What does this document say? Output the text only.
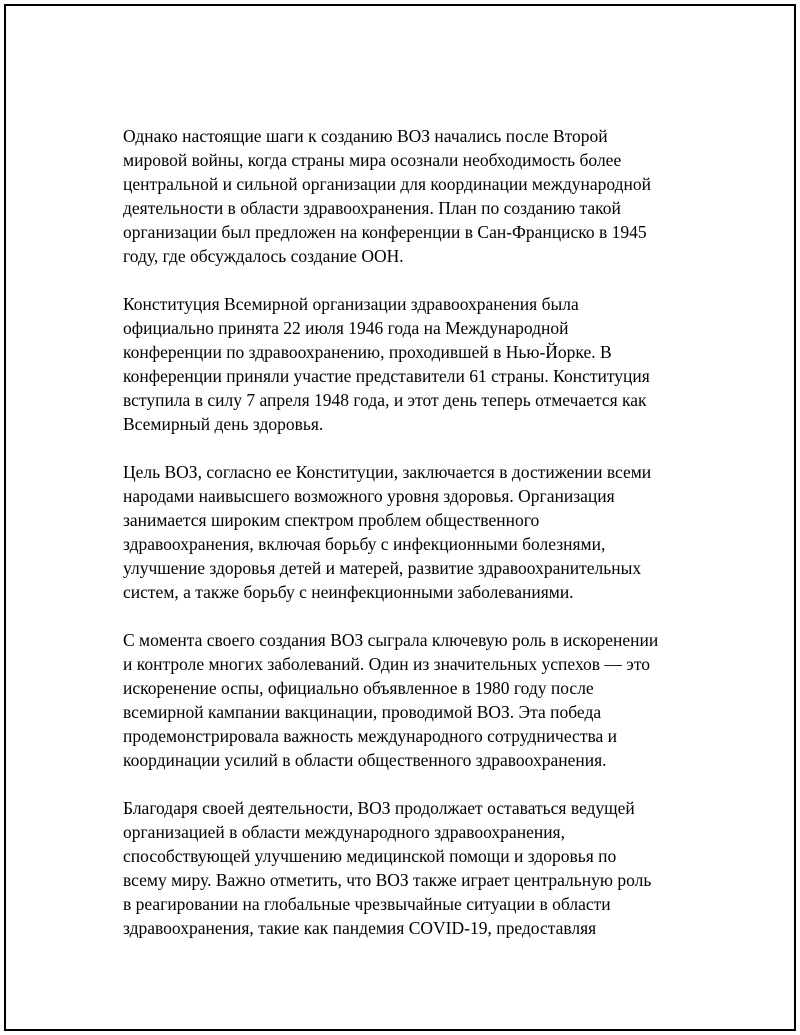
Однако настоящие шаги к созданию ВОЗ начались после Второй
мировой войны, когда страны мира осознали необходимость более
центральной и сильной организации для координации международной
деятельности в области здравоохранения. План по созданию такой
организации был предложен на конференции в Сан-Франциско в 1945
году, где обсуждалось создание ООН.

Конституция Всемирной организации здравоохранения была
официально принята 22 июля 1946 года на Международной
конференции по здравоохранению, проходившей в Нью-Йорке. В
конференции приняли участие представители 61 страны. Конституция
вступила в силу 7 апреля 1948 года, и этот день теперь отмечается как
Всемирный день здоровья.

Цель ВОЗ, согласно ее Конституции, заключается в достижении всеми
народами наивысшего возможного уровня здоровья. Организация
занимается широким спектром проблем общественного
здравоохранения, включая борьбу с инфекционными болезнями,
улучшение здоровья детей и матерей, развитие здравоохранительных
систем, а также борьбу с неинфекционными заболеваниями.

С момента своего создания ВОЗ сыграла ключевую роль в искоренении
и контроле многих заболеваний. Один из значительных успехов — это
искоренение оспы, официально объявленное в 1980 году после
всемирной кампании вакцинации, проводимой ВОЗ. Эта победа
продемонстрировала важность международного сотрудничества и
координации усилий в области общественного здравоохранения.

Благодаря своей деятельности, ВОЗ продолжает оставаться ведущей
организацией в области международного здравоохранения,
способствующей улучшению медицинской помощи и здоровья по
всему миру. Важно отметить, что ВОЗ также играет центральную роль
в реагировании на глобальные чрезвычайные ситуации в области
здравоохранения, такие как пандемия COVID-19, предоставляя
